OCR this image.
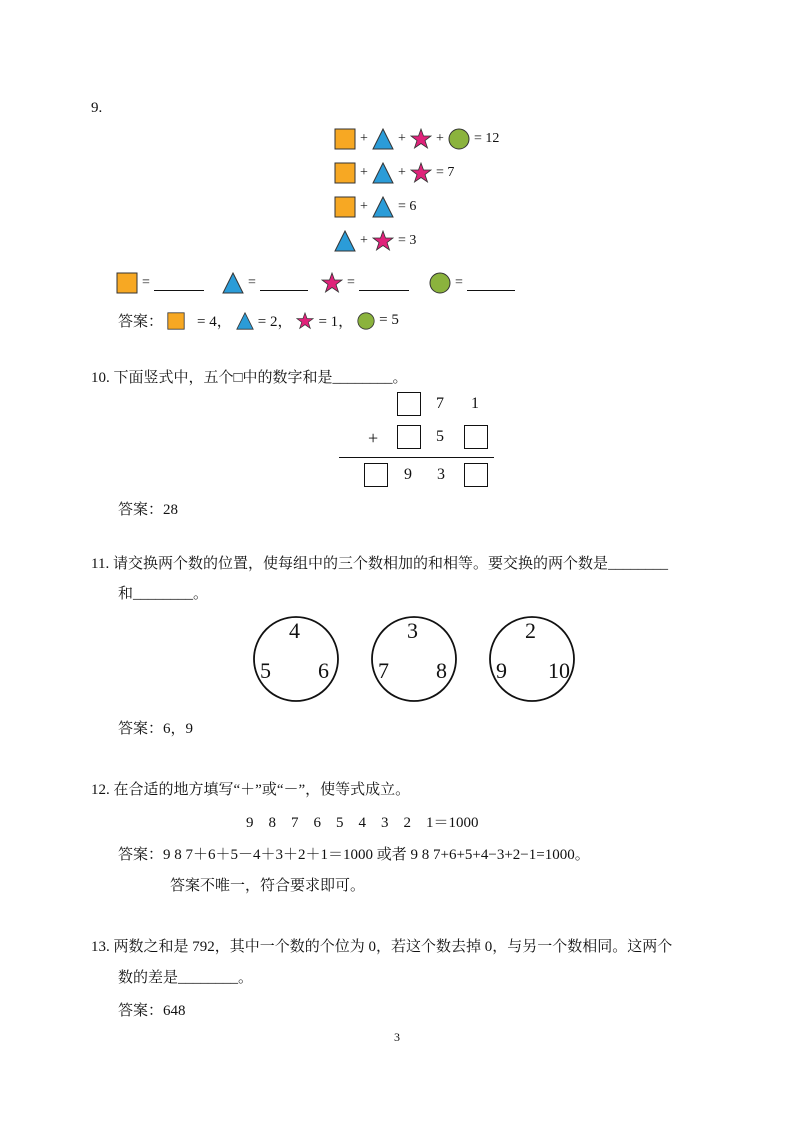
9.
+ + + = 12
+ + = 7
+ = 6
+ = 3
=	=	=	=
答案： = 4， = 2， = 1， = 5
10. 下面竖式中，五个□中的数字和是________。
7 1
+	5
9 3
答案：28
11. 请交换两个数的位置，使每组中的三个数相加的和相等。要交换的两个数是________
和________。
4
5 6
3
7 8
2
9 10
答案：6，9
12. 在合适的地方填写“＋”或“－”，使等式成立。
9    8    7    6    5    4    3    2    1＝1000
答案：9 8 7＋6＋5－4＋3＋2＋1＝1000 或者 9 8 7+6+5+4−3+2−1=1000。
答案不唯一，符合要求即可。
13. 两数之和是 792，其中一个数的个位为 0，若这个数去掉 0，与另一个数相同。这两个
数的差是________。
答案：648
3
